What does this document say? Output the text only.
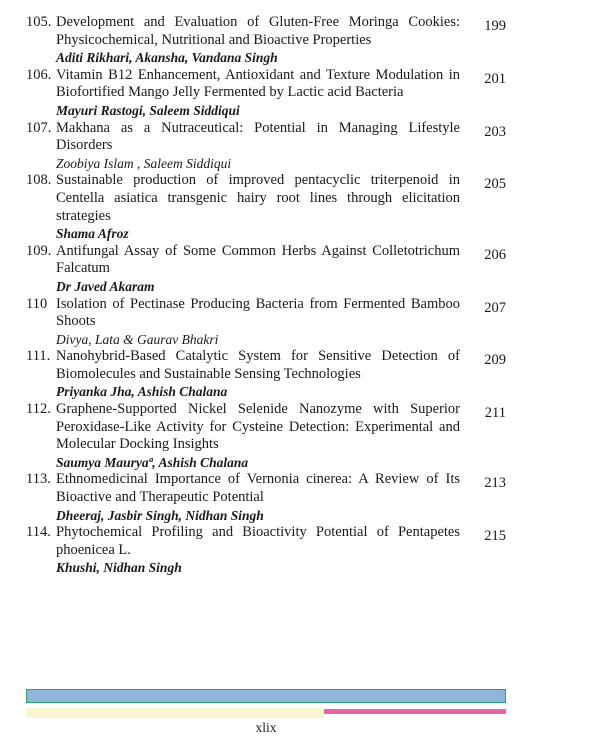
105. Development and Evaluation of Gluten-Free Moringa Cookies: Physicochemical, Nutritional and Bioactive Properties
Aditi Rikhari, Akansha, Vandana Singh
199
106. Vitamin B12 Enhancement, Antioxidant and Texture Modulation in Biofortified Mango Jelly Fermented by Lactic acid Bacteria
Mayuri Rastogi, Saleem Siddiqui
201
107. Makhana as a Nutraceutical: Potential in Managing Lifestyle Disorders
Zoobiya Islam , Saleem Siddiqui
203
108. Sustainable production of improved pentacyclic triterpenoid in Centella asiatica transgenic hairy root lines through elicitation strategies
Shama Afroz
205
109. Antifungal Assay of Some Common Herbs Against Colletotrichum Falcatum
Dr Javed Akaram
206
110 Isolation of Pectinase Producing Bacteria from Fermented Bamboo Shoots
Divya, Lata & Gaurav Bhakri
207
111. Nanohybrid-Based Catalytic System for Sensitive Detection of Biomolecules and Sustainable Sensing Technologies
Priyanka Jha, Ashish Chalana
209
112. Graphene-Supported Nickel Selenide Nanozyme with Superior Peroxidase-Like Activity for Cysteine Detection: Experimental and Molecular Docking Insights
Saumya Mauryaª, Ashish Chalana
211
113. Ethnomedicinal Importance of Vernonia cinerea: A Review of Its Bioactive and Therapeutic Potential
Dheeraj, Jasbir Singh, Nidhan Singh
213
114. Phytochemical Profiling and Bioactivity Potential of Pentapetes phoenicea L.
Khushi, Nidhan Singh
215
xlix
